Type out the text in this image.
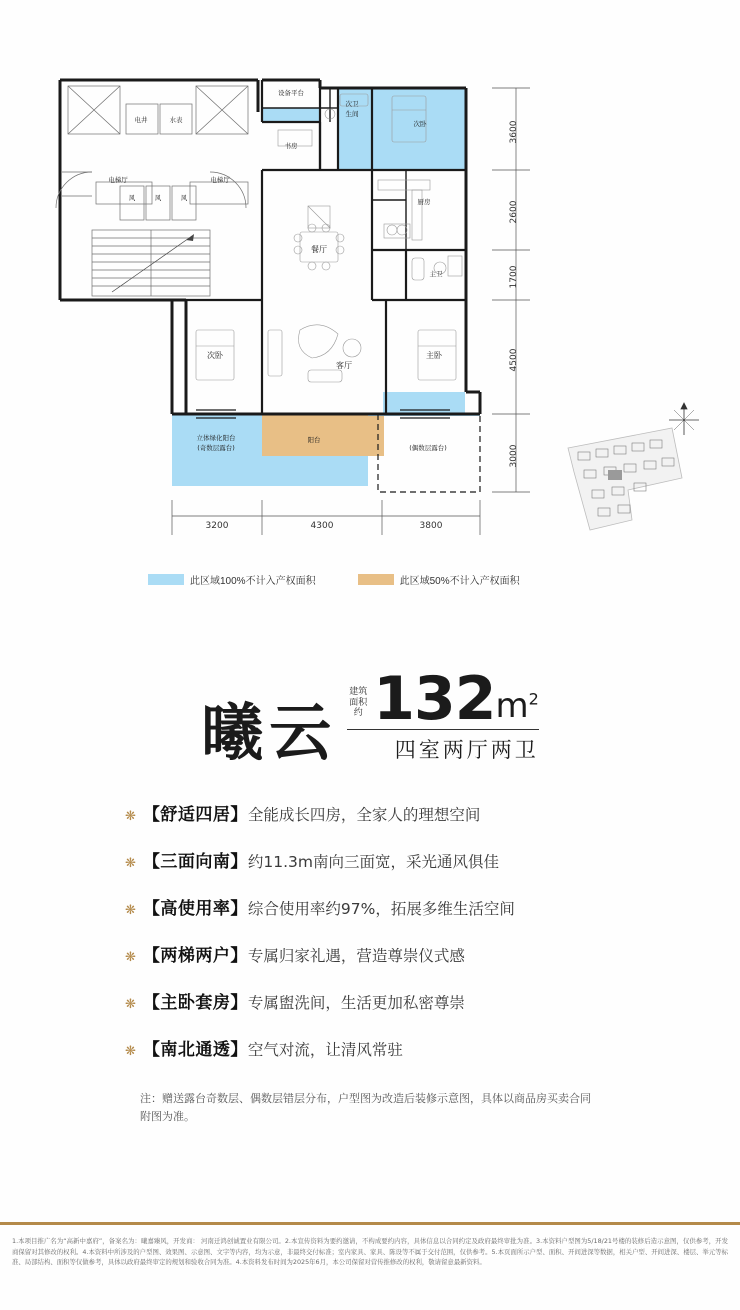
电井	水表
电梯厅	电梯厅
风	风	风
设备平台
书房
次卫
生间
次卧
厨房
餐厅
主卫
客厅
主卧
次卧
阳台
立体绿化阳台
(奇数层露台)	(偶数层露台)
3200	4300	3800
3600
2600
1700
4500
3000
此区域100%不计入产权面积	此区域50%不计入产权面积
曦云
建筑
面积约 132 $m^2$
四室两厅两卫
❋ 【舒适四居】全能成长四房，全家人的理想空间
❋ 【三面向南】约11.3m南向三面宽，采光通风俱佳
❋ 【高使用率】综合使用率约97%，拓展多维生活空间
❋ 【两梯两户】专属归家礼遇，营造尊崇仪式感
❋ 【主卧套房】专属盥洗间，生活更加私密尊崇
❋ 【南北通透】空气对流，让清风常驻
注：赠送露台奇数层、偶数层错层分布，户型图为改造后装修示意图，具体以商品房买卖合同附图为准。
1.本项目推广名为“高新中嘉府”，备案名为：曦嘉臻风，开发商： 河南迁鸿创诚置业有限公司。2.本宣传资料为要约邀请，不构成要约内容，具体信息以合同约定及政府最终审批为准。3.本资料户型图为5/18/21号楼的装修后造示意图，仅供参考，开发商保留对其修改的权利。4.本资料中所涉及的户型图、效果图、示意图、文字等内容，均为示意，非最终交付标准；室内家具、家具、陈设等不属于交付范围，仅供参考。5.本页面所示户型、面积、开间进深等数据，相关户型、开间进深、楼层、举元等标准、局部结构、面积等仅做参考，具体以政府最终审定的规划和验收合同为准。4.本资料发布时间为2025年6月，本公司保留对营传推修改的权利，敬请留意最新资料。
